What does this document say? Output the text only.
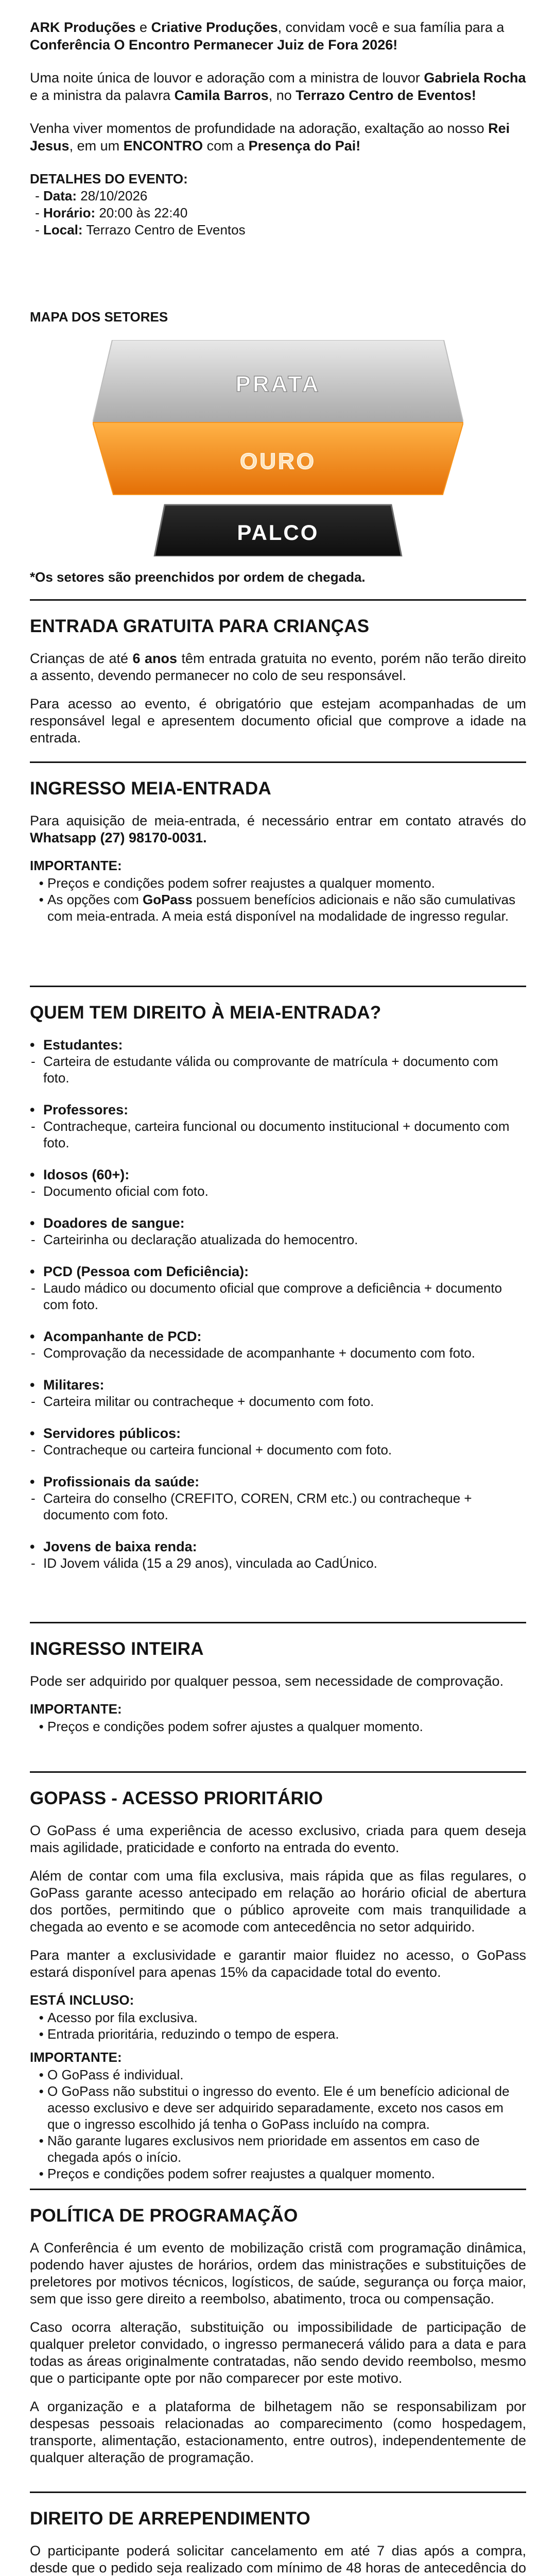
ARK Produções e Criative Produções, convidam você e sua família para a Conferência O Encontro Permanecer Juiz de Fora 2026!

Uma noite única de louvor e adoração com a ministra de louvor Gabriela Rocha e a ministra da palavra Camila Barros, no Terrazo Centro de Eventos!

Venha viver momentos de profundidade na adoração, exaltação ao nosso Rei Jesus, em um ENCONTRO com a Presença do Pai!

DETALHES DO EVENTO:
- Data: 28/10/2026
- Horário: 20:00 às 22:40
- Local: Terrazo Centro de Eventos
MAPA DOS SETORES
PRATA
OURO
PALCO
*Os setores são preenchidos por ordem de chegada.
ENTRADA GRATUITA PARA CRIANÇAS

Crianças de até 6 anos têm entrada gratuita no evento, porém não terão direito a assento, devendo permanecer no colo de seu responsável.

Para acesso ao evento, é obrigatório que estejam acompanhadas de um responsável legal e apresentem documento oficial que comprove a idade na entrada.

INGRESSO MEIA-ENTRADA

Para aquisição de meia-entrada, é necessário entrar em contato através do Whatsapp (27) 98170-0031.

IMPORTANTE:
• Preços e condições podem sofrer reajustes a qualquer momento.
• As opções com GoPass possuem benefícios adicionais e não são cumulativas com meia-entrada. A meia está disponível na modalidade de ingresso regular.
QUEM TEM DIREITO À MEIA-ENTRADA?
• Estudantes:
- Carteira de estudante válida ou comprovante de matrícula + documento com foto.
• Professores:
- Contracheque, carteira funcional ou documento institucional + documento com foto.
• Idosos (60+):
- Documento oficial com foto.
• Doadores de sangue:
- Carteirinha ou declaração atualizada do hemocentro.
• PCD (Pessoa com Deficiência):
- Laudo mádico ou documento oficial que comprove a deficiência + documento com foto.
• Acompanhante de PCD:
- Comprovação da necessidade de acompanhante + documento com foto.
• Militares:
- Carteira militar ou contracheque + documento com foto.
• Servidores públicos:
- Contracheque ou carteira funcional + documento com foto.
• Profissionais da saúde:
- Carteira do conselho (CREFITO, COREN, CRM etc.) ou contracheque + documento com foto.
• Jovens de baixa renda:
- ID Jovem válida (15 a 29 anos), vinculada ao CadÚnico.
INGRESSO INTEIRA

Pode ser adquirido por qualquer pessoa, sem necessidade de comprovação.

IMPORTANTE:
• Preços e condições podem sofrer ajustes a qualquer momento.
GOPASS - ACESSO PRIORITÁRIO

O GoPass é uma experiência de acesso exclusivo, criada para quem deseja mais agilidade, praticidade e conforto na entrada do evento.

Além de contar com uma fila exclusiva, mais rápida que as filas regulares, o GoPass garante acesso antecipado em relação ao horário oficial de abertura dos portões, permitindo que o público aproveite com mais tranquilidade a chegada ao evento e se acomode com antecedência no setor adquirido.

Para manter a exclusividade e garantir maior fluidez no acesso, o GoPass estará disponível para apenas 15% da capacidade total do evento.

ESTÁ INCLUSO:
• Acesso por fila exclusiva.
• Entrada prioritária, reduzindo o tempo de espera.
IMPORTANTE:
• O GoPass é individual.
• O GoPass não substitui o ingresso do evento. Ele é um benefício adicional de acesso exclusivo e deve ser adquirido separadamente, exceto nos casos em que o ingresso escolhido já tenha o GoPass incluído na compra.
• Não garante lugares exclusivos nem prioridade em assentos em caso de chegada após o início.
• Preços e condições podem sofrer reajustes a qualquer momento.
POLÍTICA DE PROGRAMAÇÃO

A Conferência é um evento de mobilização cristã com programação dinâmica, podendo haver ajustes de horários, ordem das ministrações e substituições de preletores por motivos técnicos, logísticos, de saúde, segurança ou força maior, sem que isso gere direito a reembolso, abatimento, troca ou compensação.

Caso ocorra alteração, substituição ou impossibilidade de participação de qualquer preletor convidado, o ingresso permanecerá válido para a data e para todas as áreas originalmente contratadas, não sendo devido reembolso, mesmo que o participante opte por não comparecer por este motivo.

A organização e a plataforma de bilhetagem não se responsabilizam por despesas pessoais relacionadas ao comparecimento (como hospedagem, transporte, alimentação, estacionamento, entre outros), independentemente de qualquer alteração de programação.

DIREITO DE ARREPENDIMENTO

O participante poderá solicitar cancelamento em até 7 dias após a compra, desde que o pedido seja realizado com mínimo de 48 horas de antecedência do
